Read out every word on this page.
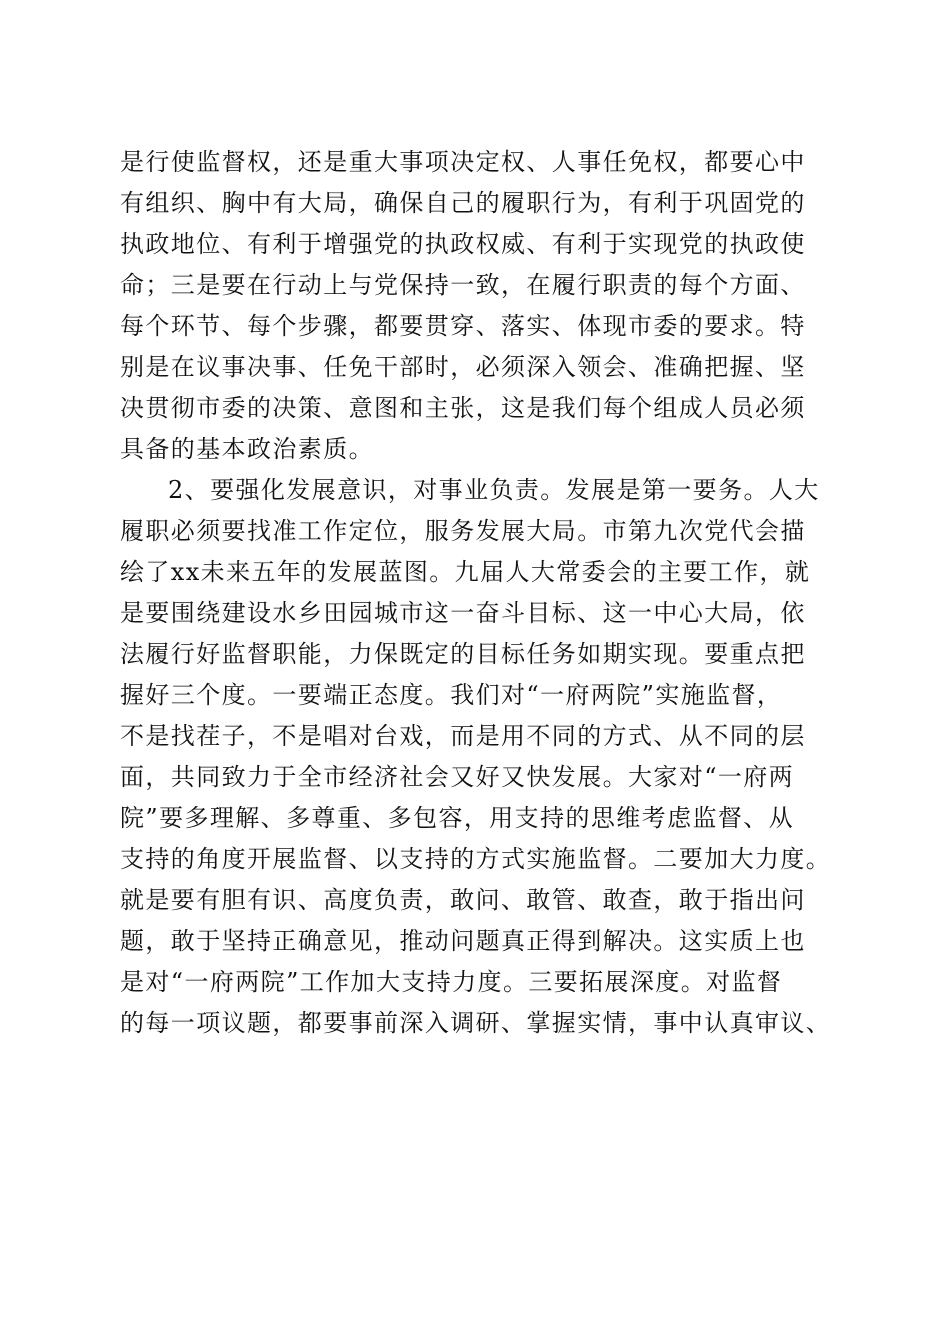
是行使监督权，还是重大事项决定权、人事任免权，都要心中
有组织、胸中有大局，确保自己的履职行为，有利于巩固党的
执政地位、有利于增强党的执政权威、有利于实现党的执政使
命；三是要在行动上与党保持一致，在履行职责的每个方面、
每个环节、每个步骤，都要贯穿、落实、体现市委的要求。特
别是在议事决事、任免干部时，必须深入领会、准确把握、坚
决贯彻市委的决策、意图和主张，这是我们每个组成人员必须
具备的基本政治素质。
2、要强化发展意识，对事业负责。发展是第一要务。人大
履职必须要找准工作定位，服务发展大局。市第九次党代会描
绘了xx未来五年的发展蓝图。九届人大常委会的主要工作，就
是要围绕建设水乡田园城市这一奋斗目标、这一中心大局，依
法履行好监督职能，力保既定的目标任务如期实现。要重点把
握好三个度。一要端正态度。我们对“一府两院”实施监督，
不是找茬子，不是唱对台戏，而是用不同的方式、从不同的层
面，共同致力于全市经济社会又好又快发展。大家对“一府两
院”要多理解、多尊重、多包容，用支持的思维考虑监督、从
支持的角度开展监督、以支持的方式实施监督。二要加大力度。
就是要有胆有识、高度负责，敢问、敢管、敢查，敢于指出问
题，敢于坚持正确意见，推动问题真正得到解决。这实质上也
是对“一府两院”工作加大支持力度。三要拓展深度。对监督
的每一项议题，都要事前深入调研、掌握实情，事中认真审议、
